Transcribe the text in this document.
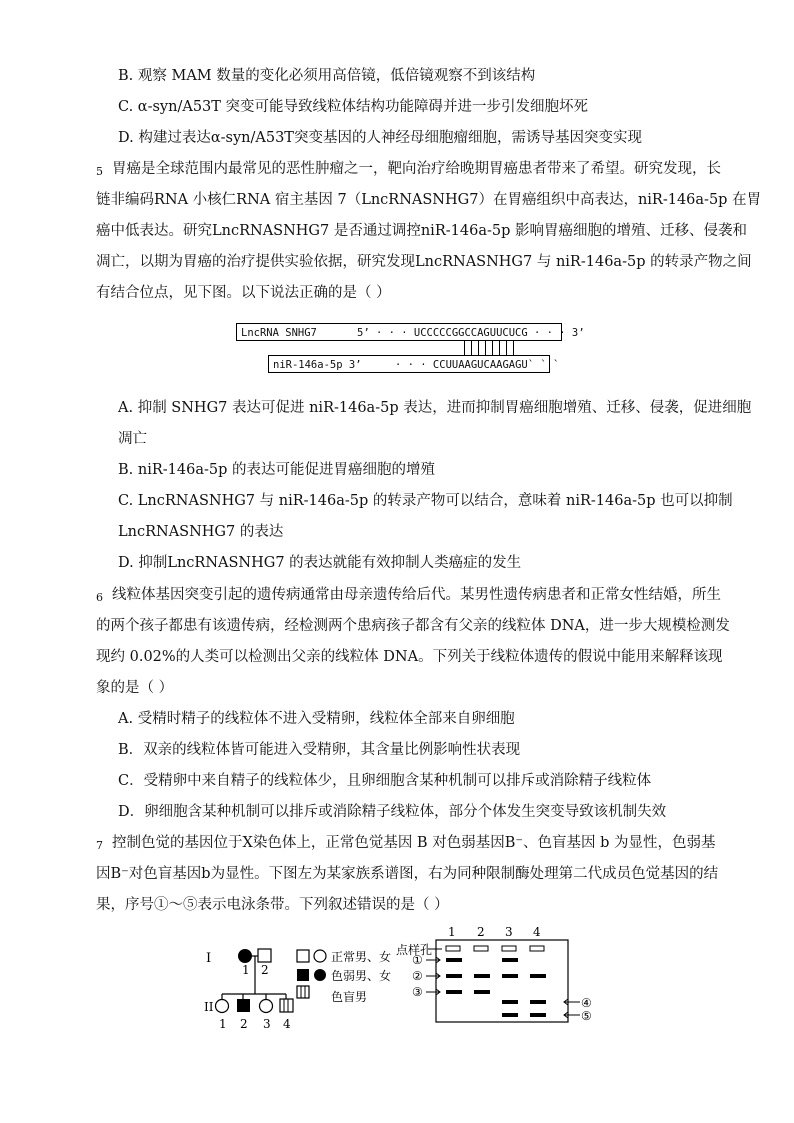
B. 观察 MAM 数量的变化必须用高倍镜，低倍镜观察不到该结构
C. α-syn/A53T 突变可能导致线粒体结构功能障碍并进一步引发细胞坏死
D. 构建过表达α-syn/A53T突变基因的人神经母细胞瘤细胞，需诱导基因突变实现
5 胃癌是全球范围内最常见的恶性肿瘤之一，靶向治疗给晚期胃癌患者带来了希望。研究发现，长
链非编码RNA 小核仁RNA 宿主基因 7（LncRNASNHG7）在胃癌组织中高表达，niR-146a-5p 在胃
癌中低表达。研究LncRNASNHG7 是否通过调控niR-146a-5p 影响胃癌细胞的增殖、迁移、侵袭和
凋亡，以期为胃癌的治疗提供实验依据，研究发现LncRNASNHG7 与 niR-146a-5p 的转录产物之间
有结合位点，见下图。以下说法正确的是（ ）
LncRNA SNHG7	5’ · · · UCCCCCGGCCAGUUCUCG · · · 3’
niR-146a-5p 3’	· · · CCUUAAGUCAAGAGU` ` `
A. 抑制 SNHG7 表达可促进 niR-146a-5p 表达，进而抑制胃癌细胞增殖、迁移、侵袭，促进细胞
凋亡
B. niR-146a-5p 的表达可能促进胃癌细胞的增殖
C. LncRNASNHG7 与 niR-146a-5p 的转录产物可以结合，意味着 niR-146a-5p 也可以抑制
LncRNASNHG7 的表达
D. 抑制LncRNASNHG7 的表达就能有效抑制人类癌症的发生
6 线粒体基因突变引起的遗传病通常由母亲遗传给后代。某男性遗传病患者和正常女性结婚，所生
的两个孩子都患有该遗传病，经检测两个患病孩子都含有父亲的线粒体 DNA，进一步大规模检测发
现约 0.02%的人类可以检测出父亲的线粒体 DNA。下列关于线粒体遗传的假说中能用来解释该现
象的是（ ）
A. 受精时精子的线粒体不进入受精卵，线粒体全部来自卵细胞
B．双亲的线粒体皆可能进入受精卵，其含量比例影响性状表现
C．受精卵中来自精子的线粒体少，且卵细胞含某种机制可以排斥或消除精子线粒体
D．卵细胞含某种机制可以排斥或消除精子线粒体，部分个体发生突变导致该机制失效
7 控制色觉的基因位于X染色体上，正常色觉基因 B 对色弱基因B⁻、色盲基因 b 为显性，色弱基
因B⁻对色盲基因b为显性。下图左为某家族系谱图，右为同种限制酶处理第二代成员色觉基因的结
果，序号①～⑤表示电泳条带。下列叙述错误的是（ ）
I
II
1 2
1 2 3 4
正常男、女
色弱男、女
色盲男
1 2 3 4
点样孔
①
②
③
④
⑤
